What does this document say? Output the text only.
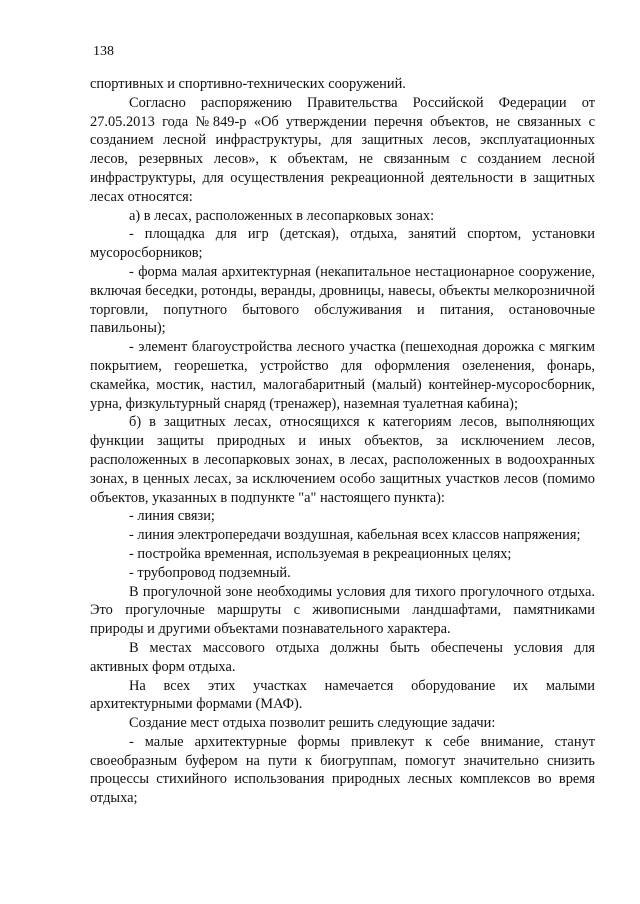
138

спортивных и спортивно-технических сооружений.

Согласно распоряжению Правительства Российской Федерации от 27.05.2013 года №849-р «Об утверждении перечня объектов, не связанных с созданием лесной инфраструктуры, для защитных лесов, эксплуатационных лесов, резервных лесов», к объектам, не связанным с созданием лесной инфраструктуры, для осуществления рекреационной деятельности в защитных лесах относятся:

а) в лесах, расположенных в лесопарковых зонах:

- площадка для игр (детская), отдыха, занятий спортом, установки мусоросборников;

- форма малая архитектурная (некапитальное нестационарное сооружение, включая беседки, ротонды, веранды, дровницы, навесы, объекты мелкорозничной торговли, попутного бытового обслуживания и питания, остановочные павильоны);

- элемент благоустройства лесного участка (пешеходная дорожка с мягким покрытием, георешетка, устройство для оформления озеленения, фонарь, скамейка, мостик, настил, малогабаритный (малый) контейнер-мусоросборник, урна, физкультурный снаряд (тренажер), наземная туалетная кабина);

б) в защитных лесах, относящихся к категориям лесов, выполняющих функции защиты природных и иных объектов, за исключением лесов, расположенных в лесопарковых зонах, в лесах, расположенных в водоохранных зонах, в ценных лесах, за исключением особо защитных участков лесов (помимо объектов, указанных в подпункте "а" настоящего пункта):

- линия связи;

- линия электропередачи воздушная, кабельная всех классов напряжения;

- постройка временная, используемая в рекреационных целях;

- трубопровод подземный.

В прогулочной зоне необходимы условия для тихого прогулочного отдыха. Это прогулочные маршруты с живописными ландшафтами, памятниками природы и другими объектами познавательного характера.

В местах массового отдыха должны быть обеспечены условия для активных форм отдыха.

На всех этих участках намечается оборудование их малыми архитектурными формами (МАФ).

Создание мест отдыха позволит решить следующие задачи:

- малые архитектурные формы привлекут к себе внимание, станут своеобразным буфером на пути к биогруппам, помогут значительно снизить процессы стихийного использования природных лесных комплексов во время отдыха;
